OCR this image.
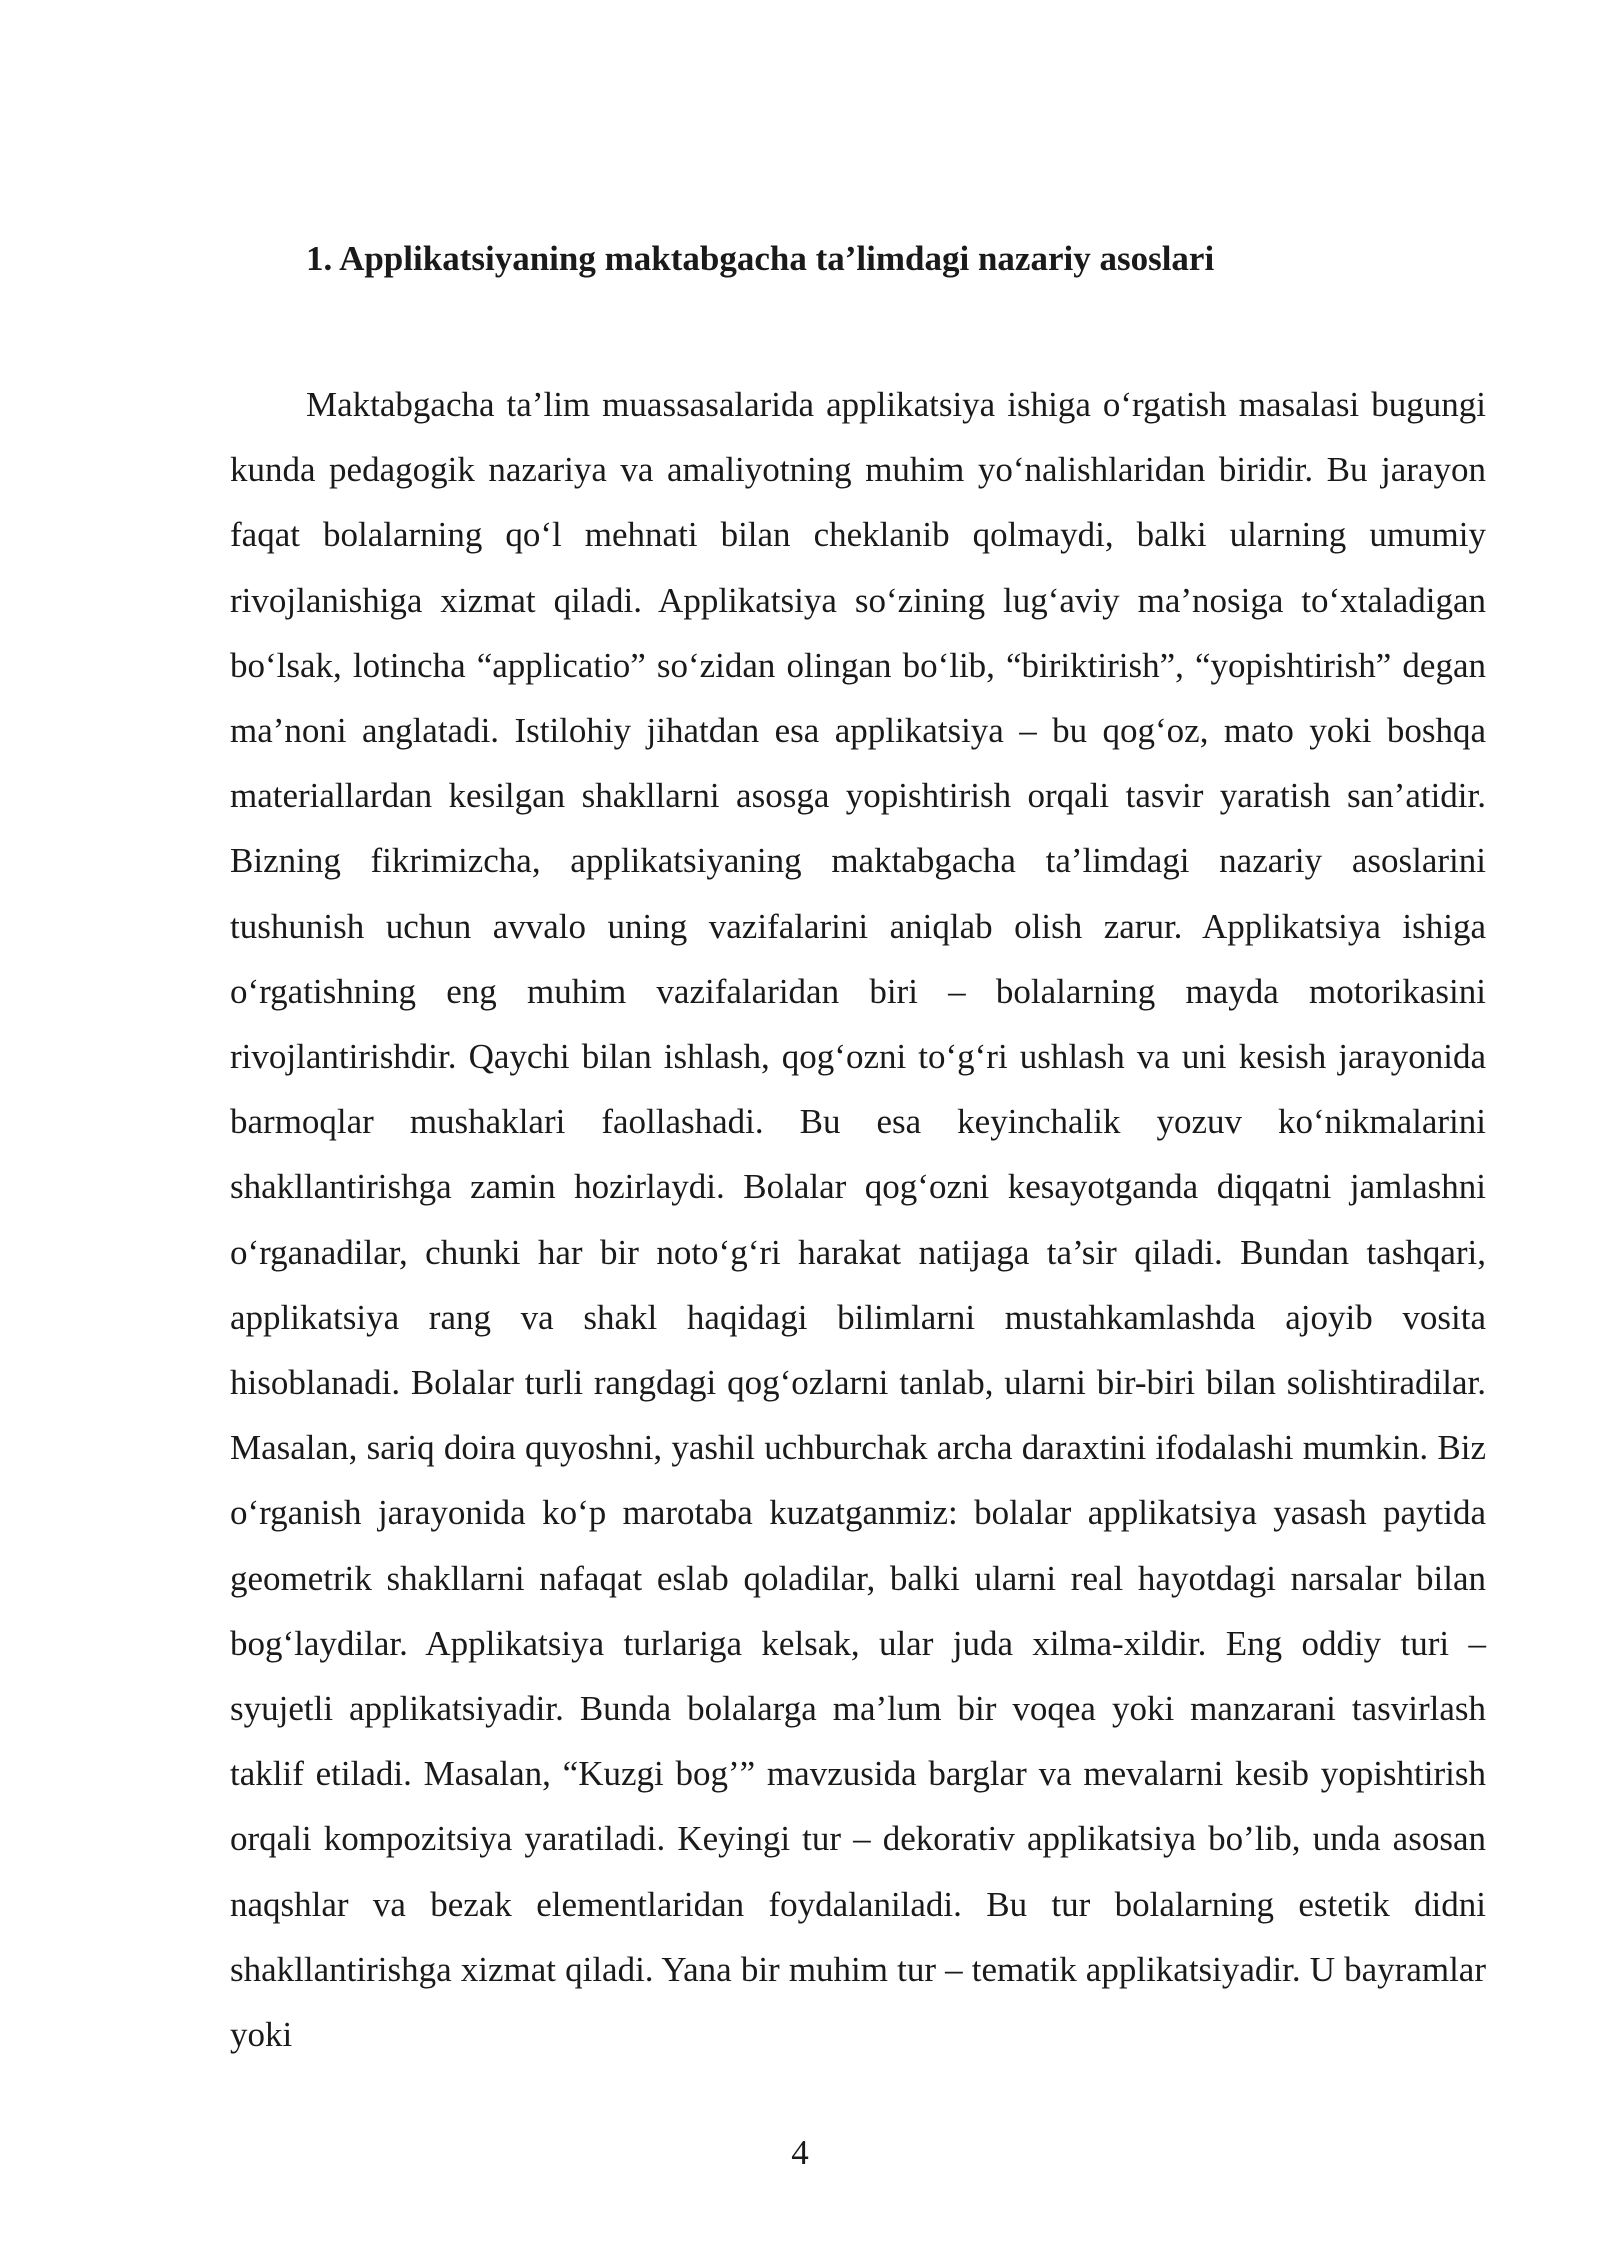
1. Applikatsiyaning maktabgacha ta’limdagi nazariy asoslari

Maktabgacha ta’lim muassasalarida applikatsiya ishiga o‘rgatish masalasi bugungi kunda pedagogik nazariya va amaliyotning muhim yo‘nalishlaridan biridir. Bu jarayon faqat bolalarning qo‘l mehnati bilan cheklanib qolmaydi, balki ularning umumiy rivojlanishiga xizmat qiladi. Applikatsiya so‘zining lug‘aviy ma’nosiga to‘xtaladigan bo‘lsak, lotincha “applicatio” so‘zidan olingan bo‘lib, “biriktirish”, “yopishtirish” degan ma’noni anglatadi. Istilohiy jihatdan esa applikatsiya – bu qog‘oz, mato yoki boshqa materiallardan kesilgan shakllarni asosga yopishtirish orqali tasvir yaratish san’atidir. Bizning fikrimizcha, applikatsiyaning maktabgacha ta’limdagi nazariy asoslarini tushunish uchun avvalo uning vazifalarini aniqlab olish zarur. Applikatsiya ishiga o‘rgatishning eng muhim vazifalaridan biri – bolalarning mayda motorikasini rivojlantirishdir. Qaychi bilan ishlash, qog‘ozni to‘g‘ri ushlash va uni kesish jarayonida barmoqlar mushaklari faollashadi. Bu esa keyinchalik yozuv ko‘nikmalarini shakllantirishga zamin hozirlaydi. Bolalar qog‘ozni kesayotganda diqqatni jamlashni o‘rganadilar, chunki har bir noto‘g‘ri harakat natijaga ta’sir qiladi. Bundan tashqari, applikatsiya rang va shakl haqidagi bilimlarni mustahkamlashda ajoyib vosita hisoblanadi. Bolalar turli rangdagi qog‘ozlarni tanlab, ularni bir-biri bilan solishtiradilar. Masalan, sariq doira quyoshni, yashil uchburchak archa daraxtini ifodalashi mumkin. Biz o‘rganish jarayonida ko‘p marotaba kuzatganmiz: bolalar applikatsiya yasash paytida geometrik shakllarni nafaqat eslab qoladilar, balki ularni real hayotdagi narsalar bilan bog‘laydilar. Applikatsiya turlariga kelsak, ular juda xilma-xildir. Eng oddiy turi – syujetli applikatsiyadir. Bunda bolalarga ma’lum bir voqea yoki manzarani tasvirlash taklif etiladi. Masalan, “Kuzgi bog’” mavzusida barglar va mevalarni kesib yopishtirish orqali kompozitsiya yaratiladi. Keyingi tur – dekorativ applikatsiya bo’lib, unda asosan naqshlar va bezak elementlaridan foydalaniladi. Bu tur bolalarning estetik didni shakllantirishga xizmat qiladi. Yana bir muhim tur – tematik applikatsiyadir. U bayramlar yoki

4
